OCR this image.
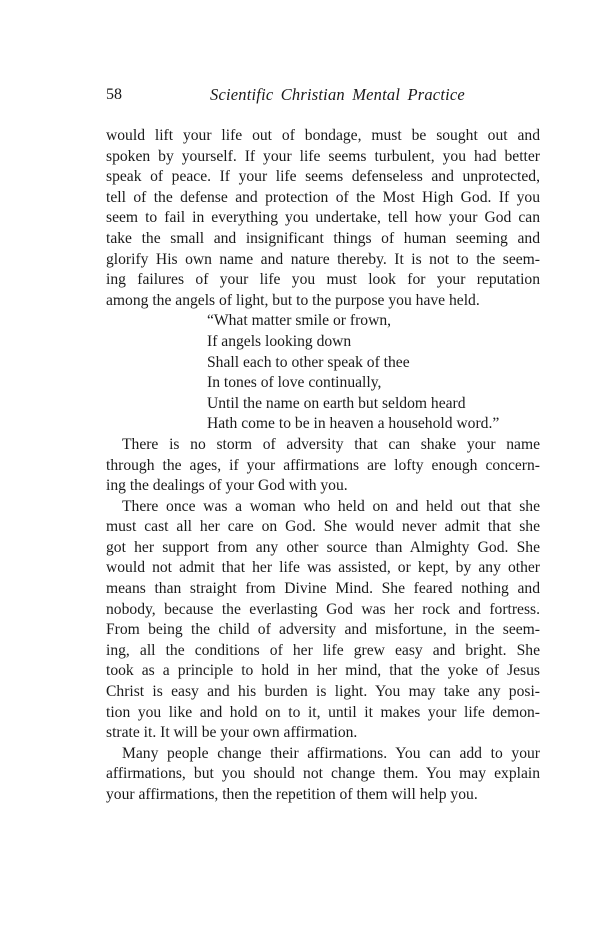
58	Scientific Christian Mental Practice
would lift your life out of bondage, must be sought out and
spoken by yourself. If your life seems turbulent, you had better
speak of peace. If your life seems defenseless and unprotected,
tell of the defense and protection of the Most High God. If you
seem to fail in everything you undertake, tell how your God can
take the small and insignificant things of human seeming and
glorify His own name and nature thereby. It is not to the seem-
ing failures of your life you must look for your reputation
among the angels of light, but to the purpose you have held.
“What matter smile or frown,
If angels looking down
Shall each to other speak of thee
In tones of love continually,
Until the name on earth but seldom heard
Hath come to be in heaven a household word.”
There is no storm of adversity that can shake your name
through the ages, if your affirmations are lofty enough concern-
ing the dealings of your God with you.
There once was a woman who held on and held out that she
must cast all her care on God. She would never admit that she
got her support from any other source than Almighty God. She
would not admit that her life was assisted, or kept, by any other
means than straight from Divine Mind. She feared nothing and
nobody, because the everlasting God was her rock and fortress.
From being the child of adversity and misfortune, in the seem-
ing, all the conditions of her life grew easy and bright. She
took as a principle to hold in her mind, that the yoke of Jesus
Christ is easy and his burden is light. You may take any posi-
tion you like and hold on to it, until it makes your life demon-
strate it. It will be your own affirmation.
Many people change their affirmations. You can add to your
affirmations, but you should not change them. You may explain
your affirmations, then the repetition of them will help you.
